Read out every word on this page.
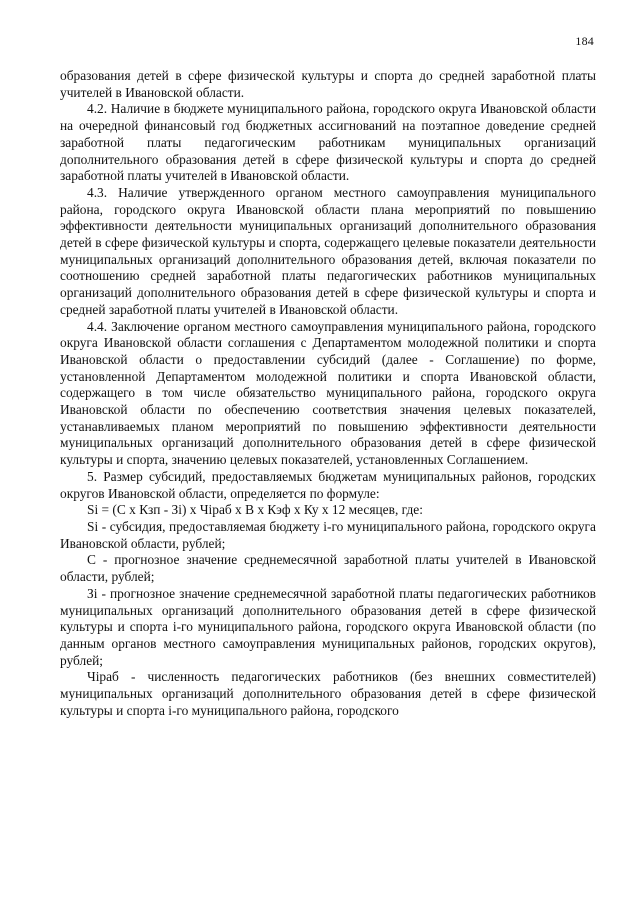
184

образования детей в сфере физической культуры и спорта до средней заработной платы учителей в Ивановской области.

4.2. Наличие в бюджете муниципального района, городского округа Ивановской области на очередной финансовый год бюджетных ассигнований на поэтапное доведение средней заработной платы педагогическим работникам муниципальных организаций дополнительного образования детей в сфере физической культуры и спорта до средней заработной платы учителей в Ивановской области.

4.3. Наличие утвержденного органом местного самоуправления муниципального района, городского округа Ивановской области плана мероприятий по повышению эффективности деятельности муниципальных организаций дополнительного образования детей в сфере физической культуры и спорта, содержащего целевые показатели деятельности муниципальных организаций дополнительного образования детей, включая показатели по соотношению средней заработной платы педагогических работников муниципальных организаций дополнительного образования детей в сфере физической культуры и спорта и средней заработной платы учителей в Ивановской области.

4.4. Заключение органом местного самоуправления муниципального района, городского округа Ивановской области соглашения с Департаментом молодежной политики и спорта Ивановской области о предоставлении субсидий (далее - Соглашение) по форме, установленной Департаментом молодежной политики и спорта Ивановской области, содержащего в том числе обязательство муниципального района, городского округа Ивановской области по обеспечению соответствия значения целевых показателей, устанавливаемых планом мероприятий по повышению эффективности деятельности муниципальных организаций дополнительного образования детей в сфере физической культуры и спорта, значению целевых показателей, установленных Соглашением.

5. Размер субсидий, предоставляемых бюджетам муниципальных районов, городских округов Ивановской области, определяется по формуле:

Si = (С х Кзп - Зi) х Чiраб х В х Кэф х Ку х 12 месяцев, где:

Si - субсидия, предоставляемая бюджету i-го муниципального района, городского округа Ивановской области, рублей;

С - прогнозное значение среднемесячной заработной платы учителей в Ивановской области, рублей;

Зi - прогнозное значение среднемесячной заработной платы педагогических работников муниципальных организаций дополнительного образования детей в сфере физической культуры и спорта i-го муниципального района, городского округа Ивановской области (по данным органов местного самоуправления муниципальных районов, городских округов), рублей;

Чiраб - численность педагогических работников (без внешних совместителей) муниципальных организаций дополнительного образования детей в сфере физической культуры и спорта i-го муниципального района, городского
